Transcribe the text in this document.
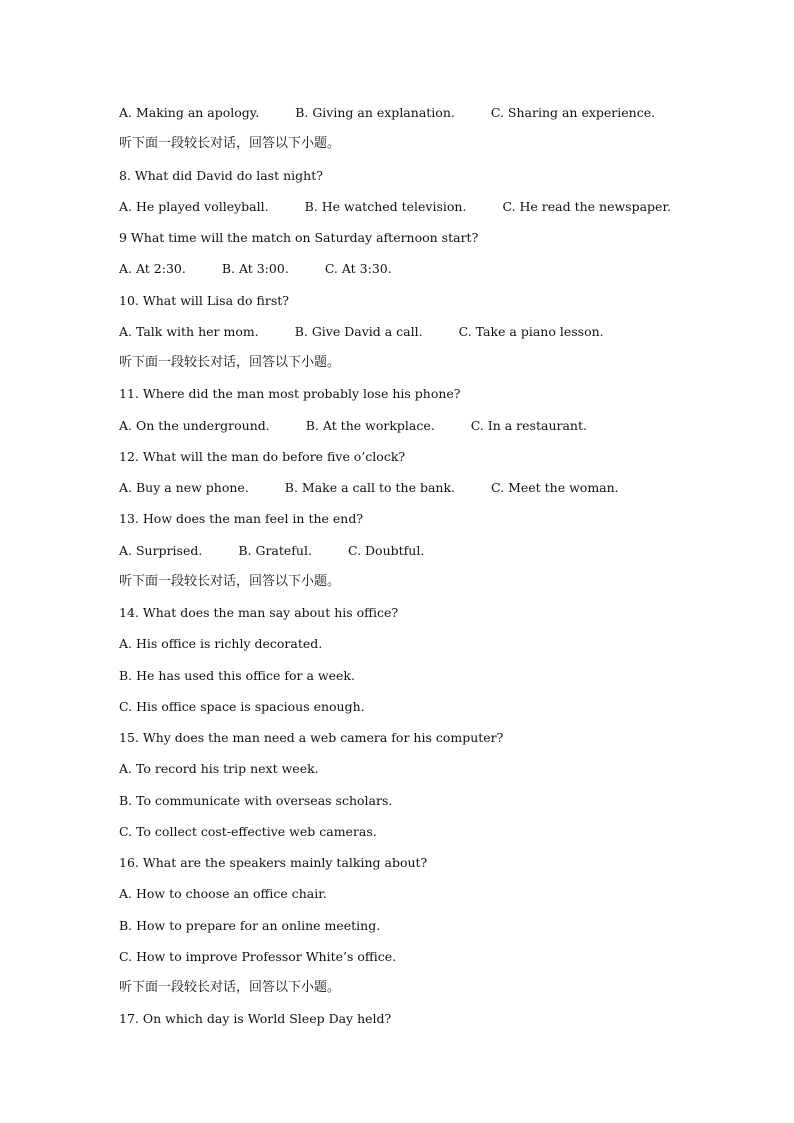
A. Making an apology.	B. Giving an explanation.	C. Sharing an experience.
听下面一段较长对话，回答以下小题。
8. What did David do last night?
A. He played volleyball.	B. He watched television.	C. He read the newspaper.
9 What time will the match on Saturday afternoon start?
A. At 2:30.	B. At 3:00.	C. At 3:30.
10. What will Lisa do first?
A. Talk with her mom.	B. Give David a call.	C. Take a piano lesson.
听下面一段较长对话，回答以下小题。
11. Where did the man most probably lose his phone?
A. On the underground.	B. At the workplace.	C. In a restaurant.
12. What will the man do before five o’clock?
A. Buy a new phone.	B. Make a call to the bank.	C. Meet the woman.
13. How does the man feel in the end?
A. Surprised.	B. Grateful.	C. Doubtful.
听下面一段较长对话，回答以下小题。
14. What does the man say about his office?
A. His office is richly decorated.
B. He has used this office for a week.
C. His office space is spacious enough.
15. Why does the man need a web camera for his computer?
A. To record his trip next week.
B. To communicate with overseas scholars.
C. To collect cost-effective web cameras.
16. What are the speakers mainly talking about?
A. How to choose an office chair.
B. How to prepare for an online meeting.
C. How to improve Professor White’s office.
听下面一段较长对话，回答以下小题。
17. On which day is World Sleep Day held?
